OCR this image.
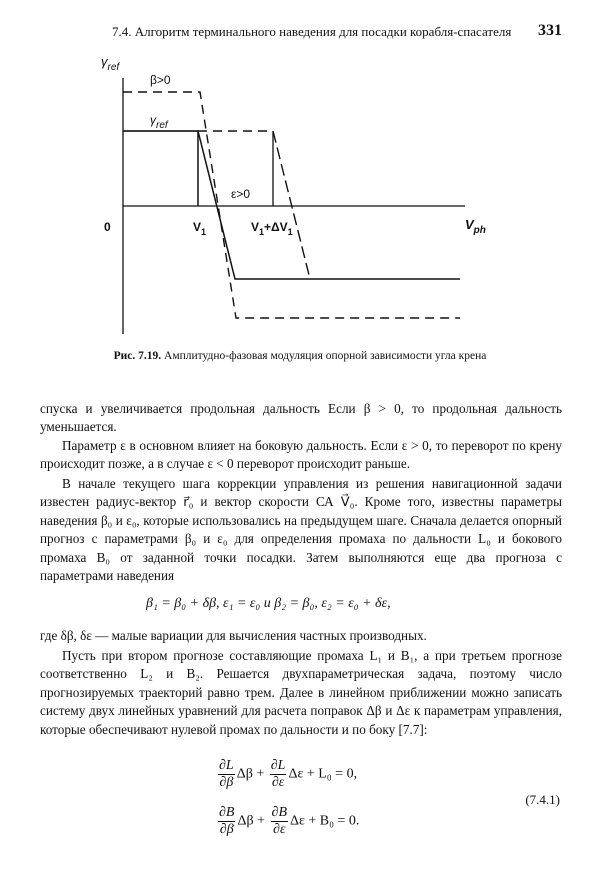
7.4. Алгоритм терминального наведения для посадки корабля-спасателя 331
$\gamma_{ref}$
β>0
$\gamma_{ref}$
ε>0
0	$V_1$	$V_1+\Delta V_1$	$V_{ph}$
Рис. 7.19. Амплитудно-фазовая модуляция опорной зависимости угла крена

спуска и увеличивается продольная дальность Если β > 0, то продольная дальность уменьшается.

Параметр ε в основном влияет на боковую дальность. Если ε > 0, то переворот по крену происходит позже, а в случае ε < 0 переворот происходит раньше.

В начале текущего шага коррекции управления из решения навигационной задачи известен радиус-вектор r⃗₀ и вектор скорости СА V⃗₀. Кроме того, известны параметры наведения β₀ и ε₀, которые использовались на предыдущем шаге. Сначала делается опорный прогноз с параметрами β₀ и ε₀ для определения промаха по дальности L₀ и бокового промаха B₀ от заданной точки посадки. Затем выполняются еще два прогноза с параметрами наведения

β₁ = β₀ + δβ, ε₁ = ε₀ и β₂ = β₀, ε₂ = ε₀ + δε,

где δβ, δε — малые вариации для вычисления частных производных.

Пусть при втором прогнозе составляющие промаха L₁ и B₁, а при третьем прогнозе соответственно L₂ и B₂. Решается двухпараметрическая задача, поэтому число прогнозируемых траекторий равно трем. Далее в линейном приближении можно записать систему двух линейных уравнений для расчета поправок Δβ и Δε к параметрам управления, которые обеспечивают нулевой промах по дальности и по боку [7.7]:

$\frac{\partial L}{\partial\beta}$ $\Delta\beta + \frac{\partial L}{\partial\varepsilon}$ Δε + L₀ = 0,
$\frac{\partial B}{\partial\beta}$ $\Delta\beta + \frac{\partial B}{\partial\varepsilon}$ Δε + B₀ = 0.
(7.4.1)
